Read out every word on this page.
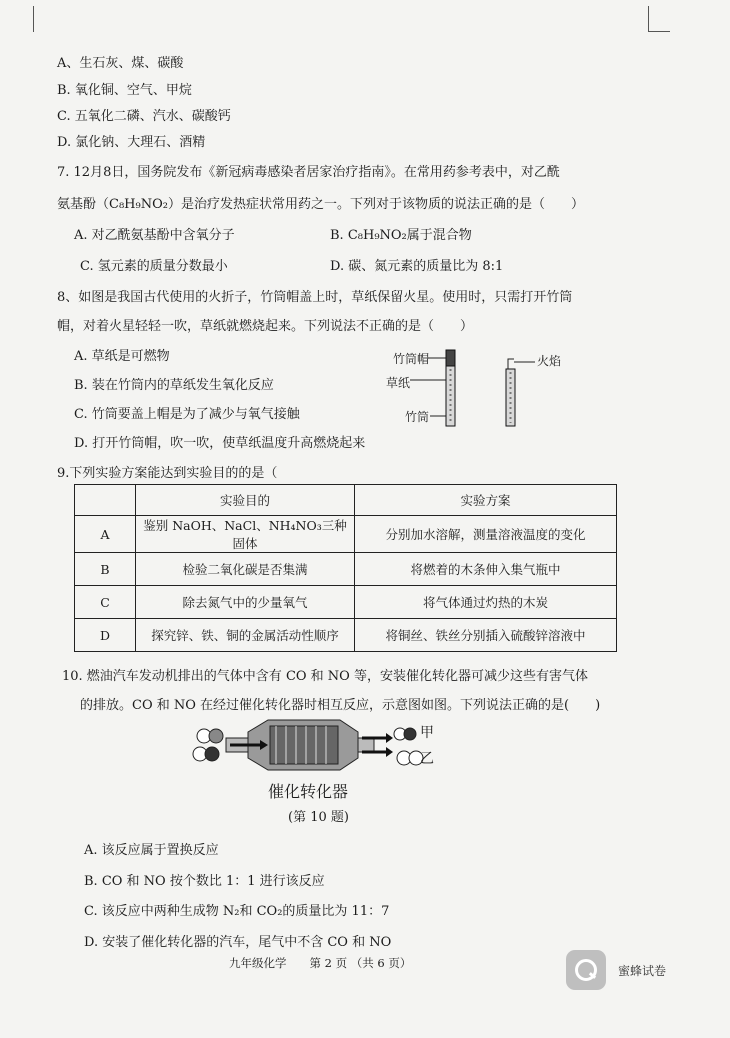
A、生石灰、煤、碳酸
B. 氧化铜、空气、甲烷
C. 五氧化二磷、汽水、碳酸钙
D. 氯化钠、大理石、酒精
7. 12月8日，国务院发布《新冠病毒感染者居家治疗指南》。在常用药参考表中，对乙酰
氨基酚（C₈H₉NO₂）是治疗发热症状常用药之一。下列对于该物质的说法正确的是（　　）
A. 对乙酰氨基酚中含氧分子	B. C₈H₉NO₂属于混合物
C. 氢元素的质量分数最小	D. 碳、氮元素的质量比为 8:1
8、如图是我国古代使用的火折子，竹筒帽盖上时，草纸保留火星。使用时，只需打开竹筒
帽，对着火星轻轻一吹，草纸就燃烧起来。下列说法不正确的是（　　）
A. 草纸是可燃物
B. 装在竹筒内的草纸发生氧化反应
C. 竹筒要盖上帽是为了减少与氧气接触
D. 打开竹筒帽，吹一吹，使草纸温度升高燃烧起来
竹筒帽
草纸
竹筒
火焰
9.下列实验方案能达到实验目的的是（
	实验目的	实验方案
A	鉴别 NaOH、NaCl、NH₄NO₃三种固体	分别加水溶解，测量溶液温度的变化
B	检验二氧化碳是否集满	将燃着的木条伸入集气瓶中
C	除去氮气中的少量氧气	将气体通过灼热的木炭
D	探究锌、铁、铜的金属活动性顺序	将铜丝、铁丝分别插入硫酸锌溶液中
10. 燃油汽车发动机排出的气体中含有 CO 和 NO 等，安装催化转化器可减少这些有害气体
的排放。CO 和 NO 在经过催化转化器时相互反应，示意图如图。下列说法正确的是(　　)
甲
乙
催化转化器
(第 10 题)
A. 该反应属于置换反应
B. CO 和 NO 按个数比 1：1 进行该反应
C. 该反应中两种生成物 N₂和 CO₂的质量比为 11：7
D. 安装了催化转化器的汽车，尾气中不含 CO 和 NO
九年级化学　　第 2 页 （共 6 页）
蜜蜂试卷
